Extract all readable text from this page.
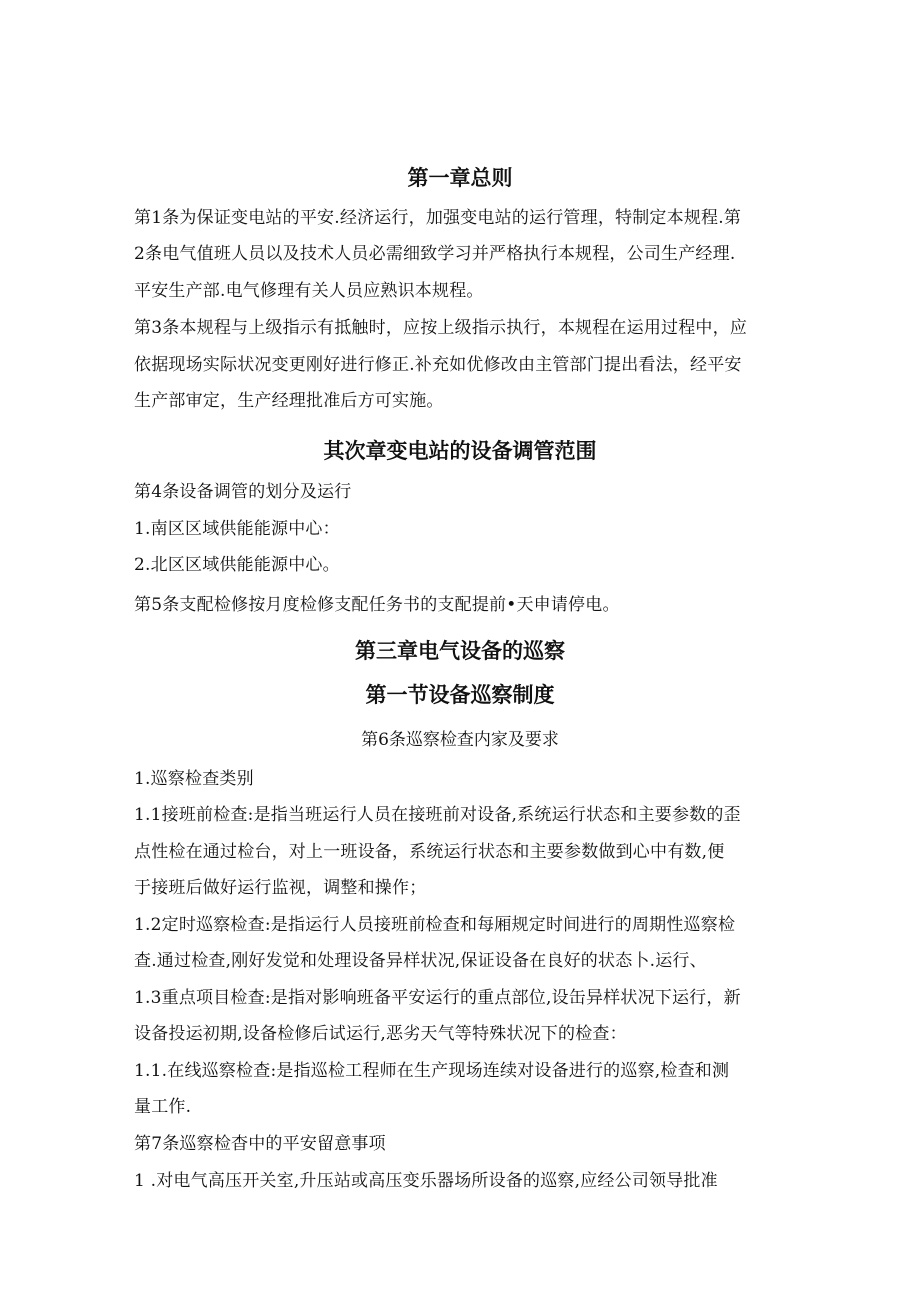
第一章总则
第1条为保证变电站的平安.经济运行，加强变电站的运行管理，特制定本规程.第
2条电气值班人员以及技术人员必需细致学习并严格执行本规程，公司生产经理.
平安生产部.电气修理有关人员应熟识本规程。
第3条本规程与上级指示有抵触时，应按上级指示执行，本规程在运用过程中，应
依据现场实际状况变更刚好进行修正.补充如优修改由主管部门提出看法，经平安
生产部审定，生产经理批准后方可实施。
其次章变电站的设备调管范围
第4条设备调管的划分及运行
1.南区区域供能能源中心：
2.北区区域供能能源中心。
第5条支配检修按月度检修支配任务书的支配提前•天申请停电。
第三章电气设备的巡察
第一节设备巡察制度
第6条巡察检查内家及要求
1.巡察检查类别
1.1接班前检查:是指当班运行人员在接班前对设备,系统运行状态和主要参数的歪
点性检在通过检台，对上一班设备，系统运行状态和主要参数做到心中有数,便
于接班后做好运行监视，调整和操作；
1.2定时巡察检查:是指运行人员接班前检查和每厢规定时间进行的周期性巡察检
查.通过检查,刚好发觉和处理设备异样状况,保证设备在良好的状态卜.运行、
1.3重点项目检查:是指对影响班备平安运行的重点部位,设缶异样状况下运行，新
设备投运初期,设备检修后试运行,恶劣天气等特殊状况下的检查：
1.1.在线巡察检查:是指巡检工程师在生产现场连续对设备进行的巡察,检查和测
量工作.
第7条巡察检杳中的平安留意事项
1 .对电气高压开关室,升压站或高压变乐器场所设备的巡察,应经公司领导批准
